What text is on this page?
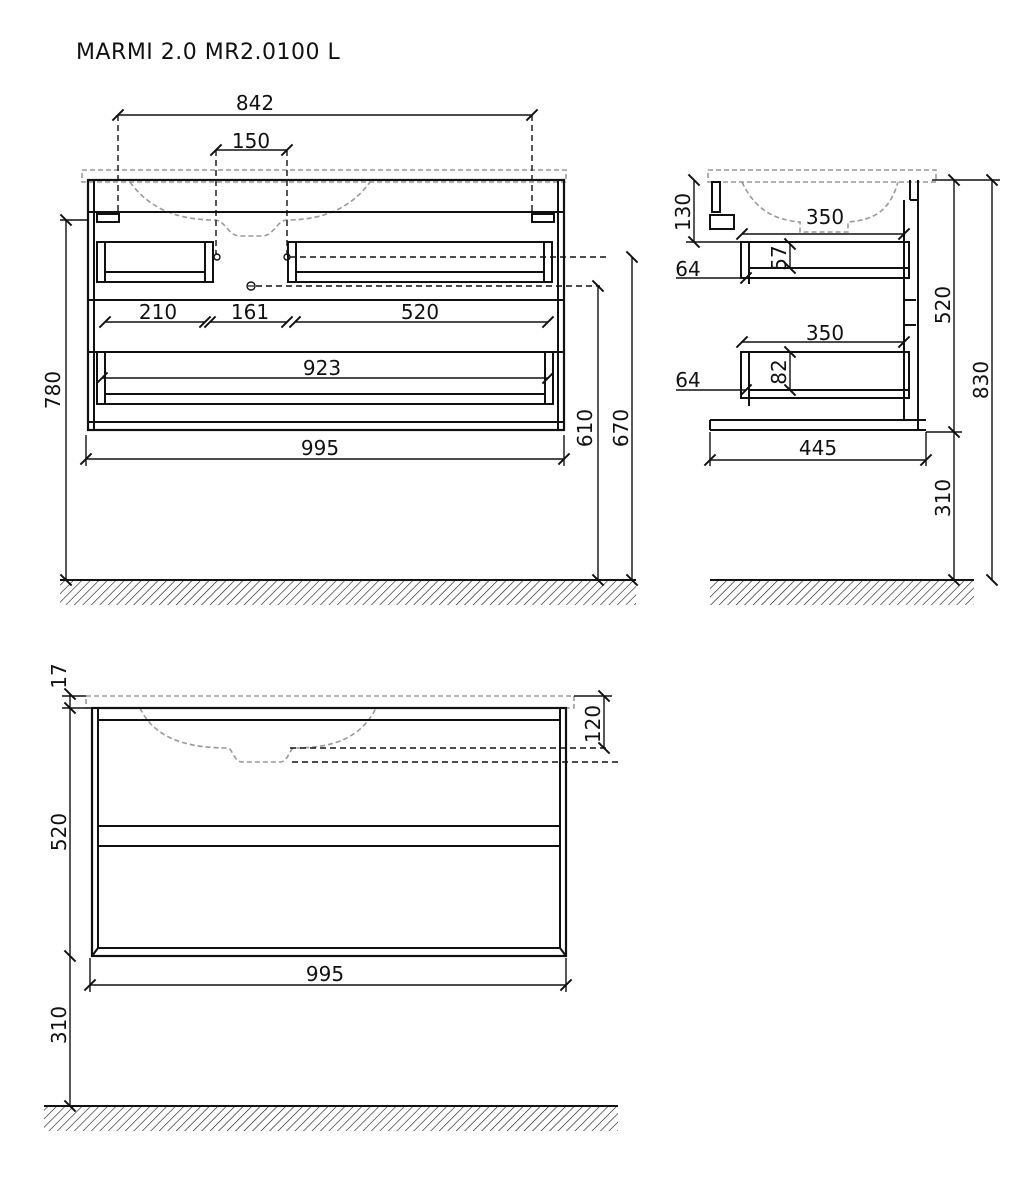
MARMI 2.0 MR2.0100 L
842
150
210	161	520
923
995
780
610 670
130	350
57
64
350
82
64
445
520
310
830
17
520
310
120
995
